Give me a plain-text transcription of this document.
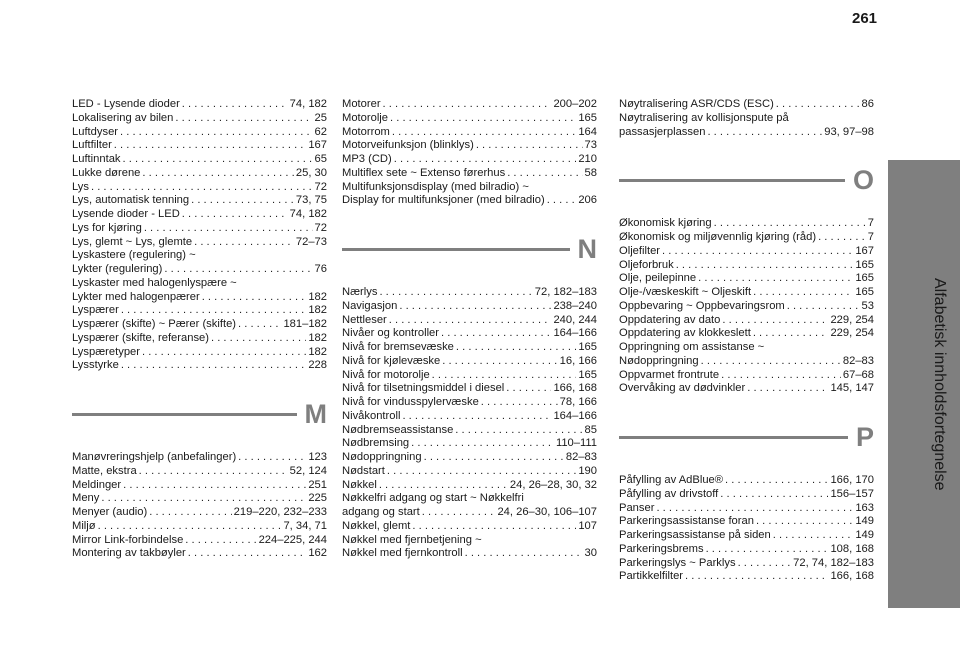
261
Alfabetisk innholdsfortegnelse
LED - Lysende dioder . . .	74, 182
Lokalisering av bilen . . .	25
Luftdyser . . .	62
Luftfilter . . .	167
Luftinntak . . .	65
Lukke dørene . . .	25, 30
Lys . . .	72
Lys, automatisk tenning . . .	73, 75
Lysende dioder - LED . . .	74, 182
Lys for kjøring . . .	72
Lys, glemt ~ Lys, glemte . . .	72–73
Lyskastere (regulering) ~
Lykter (regulering) . . .	76
Lyskaster med halogenlyspære ~
Lykter med halogenpærer . . .	182
Lyspærer . . .	182
Lyspærer (skifte) ~ Pærer (skifte) . . .	181–182
Lyspærer (skifte, referanse) . . .	182
Lyspæretyper . . .	182
Lysstyrke . . .	228
M
Manøvreringshjelp (anbefalinger) . . .	123
Matte, ekstra . . .	52, 124
Meldinger . . .	251
Meny . . .	225
Menyer (audio) . . .	219–220, 232–233
Miljø . . .	7, 34, 71
Mirror Link-forbindelse . . .	224–225, 244
Montering av takbøyler . . .	162
Motorer . . .	200–202
Motorolje . . .	165
Motorrom . . .	164
Motorveifunksjon (blinklys) . . .	73
MP3 (CD) . . .	210
Multiflex sete ~ Extenso førerhus . . .	58
Multifunksjonsdisplay (med bilradio) ~
Display for multifunksjoner (med bilradio) . . .	206
N
Nærlys . . .	72, 182–183
Navigasjon . . .	238–240
Nettleser . . .	240, 244
Nivåer og kontroller . . .	164–166
Nivå for bremsevæske . . .	165
Nivå for kjølevæske . . .	16, 166
Nivå for motorolje . . .	165
Nivå for tilsetningsmiddel i diesel . . .	166, 168
Nivå for vindusspylervæske . . .	78, 166
Nivåkontroll . . .	164–166
Nødbremseassistanse . . .	85
Nødbremsing . . .	110–111
Nødoppringning . . .	82–83
Nødstart . . .	190
Nøkkel . . .	24, 26–28, 30, 32
Nøkkelfri adgang og start ~ Nøkkelfri
adgang og start . . .	24, 26–30, 106–107
Nøkkel, glemt . . .	107
Nøkkel med fjernbetjening ~
Nøkkel med fjernkontroll . . .	30
Nøytralisering ASR/CDS (ESC) . . .	86
Nøytralisering av kollisjonspute på
passasjerplassen . . .	93, 97–98
O
Økonomisk kjøring . . .	7
Økonomisk og miljøvennlig kjøring (råd) . . .	7
Oljefilter . . .	167
Oljeforbruk . . .	165
Olje, peilepinne . . .	165
Olje-/væskeskift ~ Oljeskift . . .	165
Oppbevaring ~ Oppbevaringsrom . . .	53
Oppdatering av dato . . .	229, 254
Oppdatering av klokkeslett . . .	229, 254
Oppringning om assistanse ~
Nødoppringning . . .	82–83
Oppvarmet frontrute . . .	67–68
Overvåking av dødvinkler . . .	145, 147
P
Påfylling av AdBlue® . . .	166, 170
Påfylling av drivstoff . . .	156–157
Panser . . .	163
Parkeringsassistanse foran . . .	149
Parkeringsassistanse på siden . . .	149
Parkeringsbrems . . .	108, 168
Parkeringslys ~ Parklys . . .	72, 74, 182–183
Partikkelfilter . . .	166, 168
